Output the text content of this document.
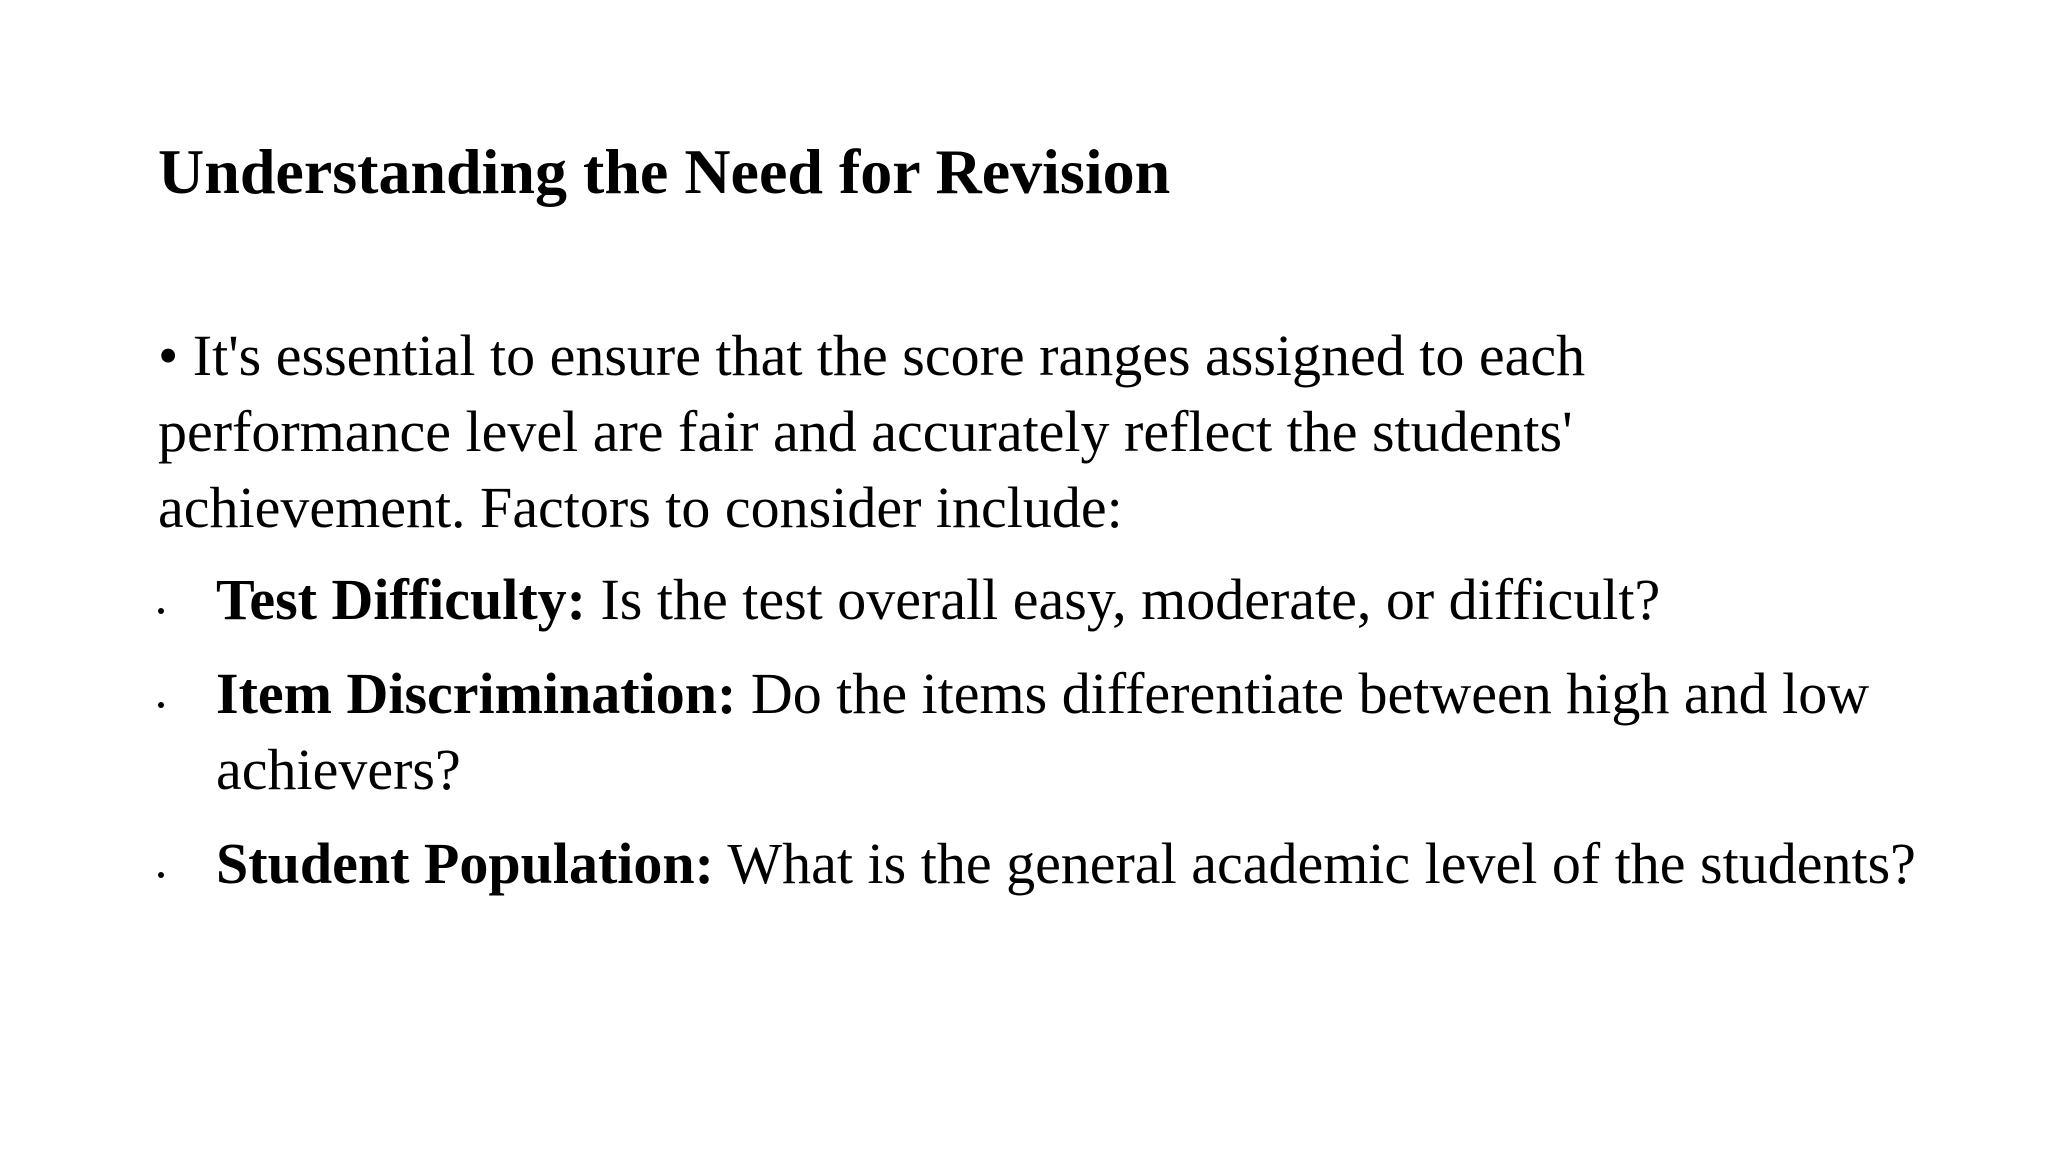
Understanding the Need for Revision

• It's essential to ensure that the score ranges assigned to each performance level are fair and accurately reflect the students' achievement. Factors to consider include:

Test Difficulty: Is the test overall easy, moderate, or difficult?
Item Discrimination: Do the items differentiate between high and low achievers?
Student Population: What is the general academic level of the students?
